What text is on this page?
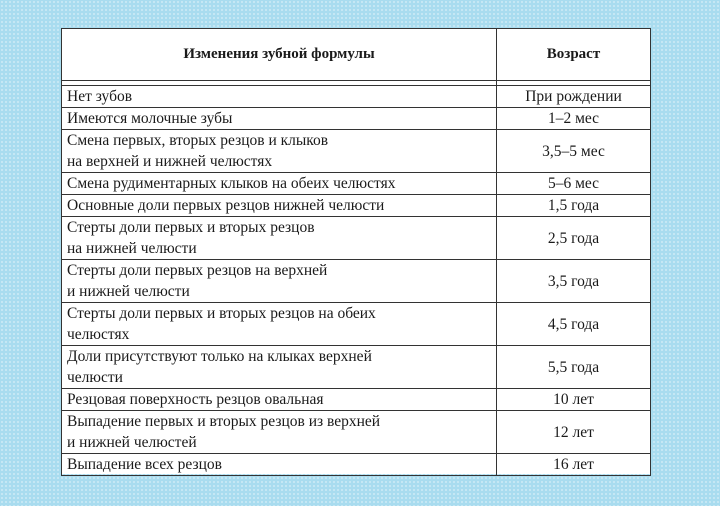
Изменения зубной формулы	Возраст

Нет зубов	При рождении
Имеются молочные зубы	1–2 мес
Смена первых, вторых резцов и клыков
на верхней и нижней челюстях	3,5–5 мес
Смена рудиментарных клыков на обеих челюстях	5–6 мес
Основные доли первых резцов нижней челюсти	1,5 года
Стерты доли первых и вторых резцов
на нижней челюсти	2,5 года
Стерты доли первых резцов на верхней
и нижней челюсти	3,5 года
Стерты доли первых и вторых резцов на обеих
челюстях	4,5 года
Доли присутствуют только на клыках верхней
челюсти	5,5 года
Резцовая поверхность резцов овальная	10 лет
Выпадение первых и вторых резцов из верхней
и нижней челюстей	12 лет
Выпадение всех резцов	16 лет
